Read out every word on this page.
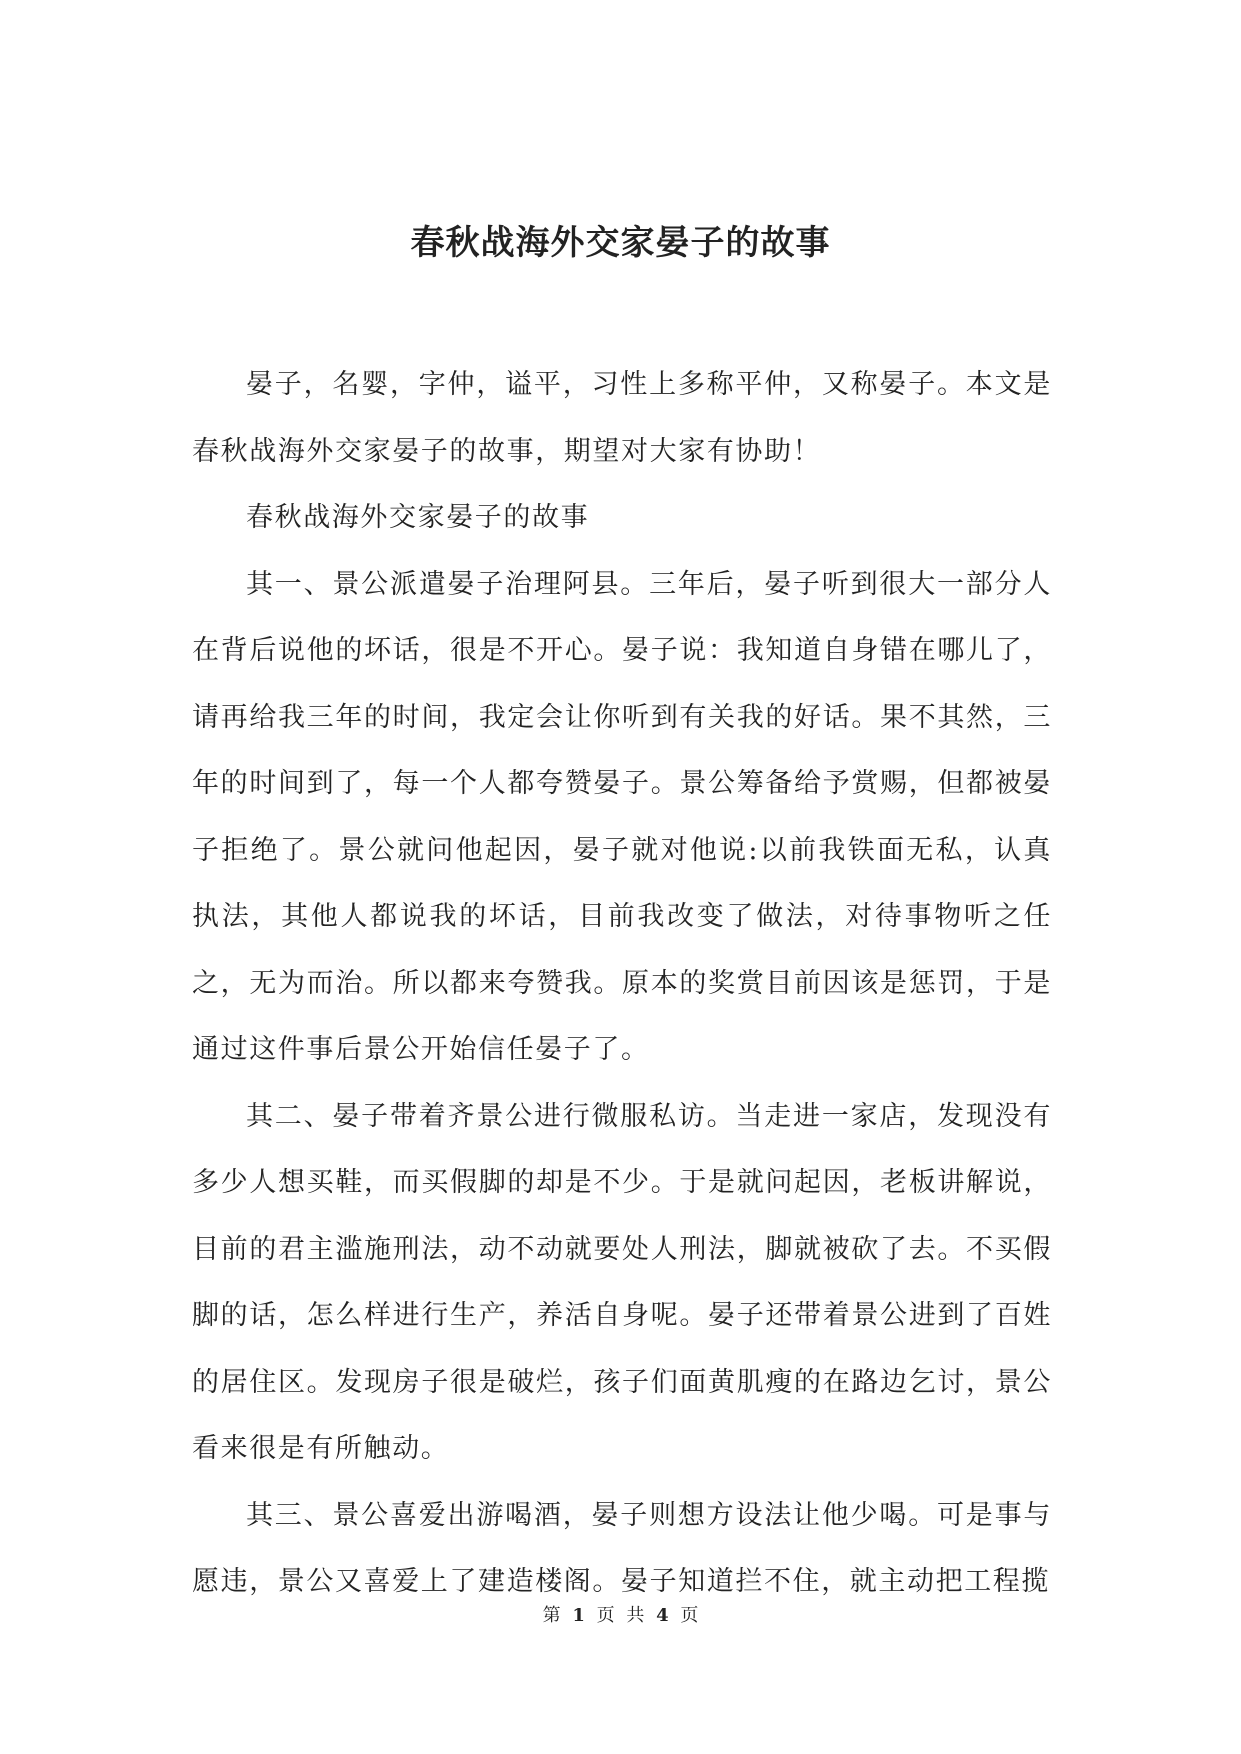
春秋战海外交家晏子的故事

晏子，名婴，字仲，谥平，习性上多称平仲，又称晏子。本文是春秋战海外交家晏子的故事，期望对大家有协助！

春秋战海外交家晏子的故事

其一、景公派遣晏子治理阿县。三年后，晏子听到很大一部分人在背后说他的坏话，很是不开心。晏子说：我知道自身错在哪儿了，请再给我三年的时间，我定会让你听到有关我的好话。果不其然，三年的时间到了，每一个人都夸赞晏子。景公筹备给予赏赐，但都被晏子拒绝了。景公就问他起因，晏子就对他说:以前我铁面无私，认真执法，其他人都说我的坏话，目前我改变了做法，对待事物听之任之，无为而治。所以都来夸赞我。原本的奖赏目前因该是惩罚，于是通过这件事后景公开始信任晏子了。

其二、晏子带着齐景公进行微服私访。当走进一家店，发现没有多少人想买鞋，而买假脚的却是不少。于是就问起因，老板讲解说，目前的君主滥施刑法，动不动就要处人刑法，脚就被砍了去。不买假脚的话，怎么样进行生产，养活自身呢。晏子还带着景公进到了百姓的居住区。发现房子很是破烂，孩子们面黄肌瘦的在路边乞讨，景公看来很是有所触动。

其三、景公喜爱出游喝酒，晏子则想方设法让他少喝。可是事与愿违，景公又喜爱上了建造楼阁。晏子知道拦不住，就主动把工程揽

第 1 页 共 4 页
